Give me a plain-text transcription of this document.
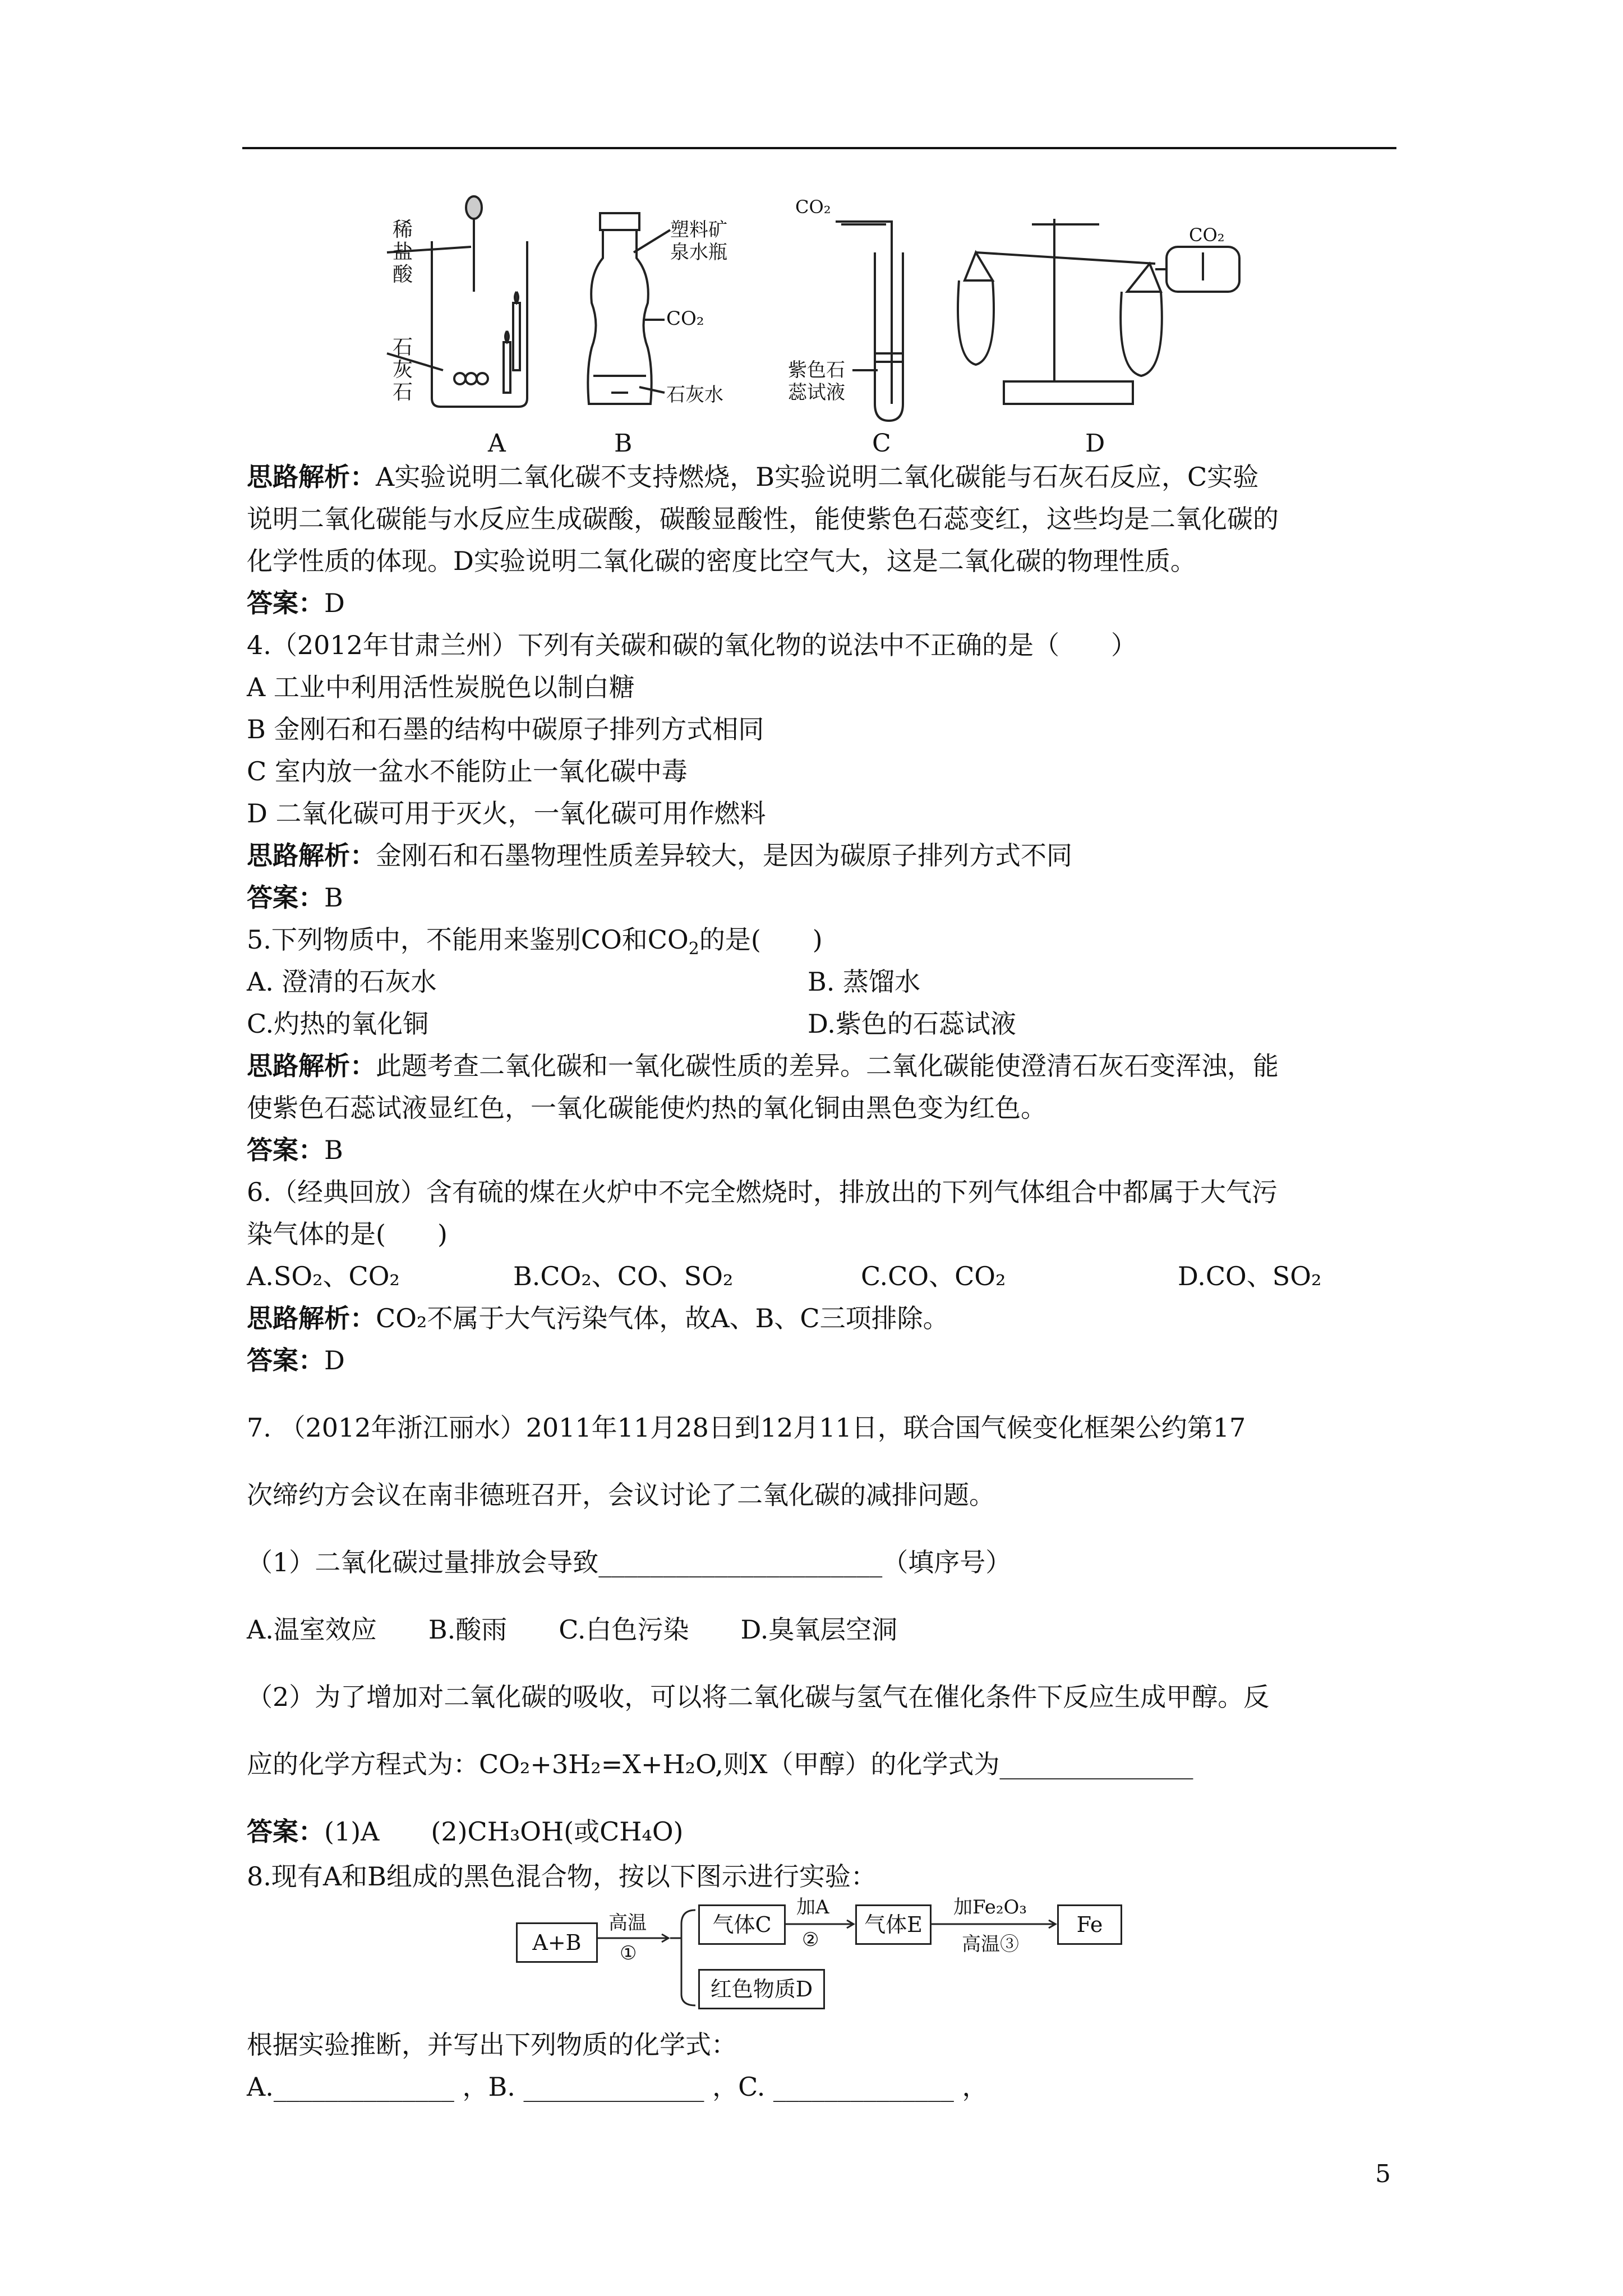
稀
盐
酸
石
灰
石
塑料矿
泉水瓶
CO₂
石灰水
CO₂
紫色石
蕊试液
CO₂
A	B	C	D
思路解析：A实验说明二氧化碳不支持燃烧，B实验说明二氧化碳能与石灰石反应，C实验
说明二氧化碳能与水反应生成碳酸，碳酸显酸性，能使紫色石蕊变红，这些均是二氧化碳的
化学性质的体现。D实验说明二氧化碳的密度比空气大，这是二氧化碳的物理性质。
答案：D
4.（2012年甘肃兰州）下列有关碳和碳的氧化物的说法中不正确的是（　　）
A 工业中利用活性炭脱色以制白糖
B 金刚石和石墨的结构中碳原子排列方式相同
C 室内放一盆水不能防止一氧化碳中毒
D 二氧化碳可用于灭火，一氧化碳可用作燃料
思路解析：金刚石和石墨物理性质差异较大，是因为碳原子排列方式不同
答案：B
5.下列物质中，不能用来鉴别CO和$CO_2$的是(　　)
A. 澄清的石灰水	B. 蒸馏水
C.灼热的氧化铜	D.紫色的石蕊试液
思路解析：此题考查二氧化碳和一氧化碳性质的差异。二氧化碳能使澄清石灰石变浑浊，能
使紫色石蕊试液显红色，一氧化碳能使灼热的氧化铜由黑色变为红色。
答案：B
6.（经典回放）含有硫的煤在火炉中不完全燃烧时，排放出的下列气体组合中都属于大气污
染气体的是(　　)
A.SO₂、CO₂	B.CO₂、CO、SO₂	C.CO、CO₂	D.CO、SO₂
思路解析：CO₂不属于大气污染气体，故A、B、C三项排除。
答案：D
7. （2012年浙江丽水）2011年11月28日到12月11日，联合国气候变化框架公约第17
次缔约方会议在南非德班召开，会议讨论了二氧化碳的减排问题。
（1）二氧化碳过量排放会导致______________________（填序号）
A.温室效应　　B.酸雨　　C.白色污染　　D.臭氧层空洞
（2）为了增加对二氧化碳的吸收，可以将二氧化碳与氢气在催化条件下反应生成甲醇。反
应的化学方程式为：CO₂+3H₂=X+H₂O,则X（甲醇）的化学式为_______________
答案：(1)A　　(2)CH₃OH(或CH₄O)
8.现有A和B组成的黑色混合物，按以下图示进行实验：
A+B
高温
①
气体C
红色物质D
加A
②
气体E
加Fe₂O₃
高温③
Fe
根据实验推断，并写出下列物质的化学式：
A.______________ ，B. ______________ ，C. ______________ ，
5
